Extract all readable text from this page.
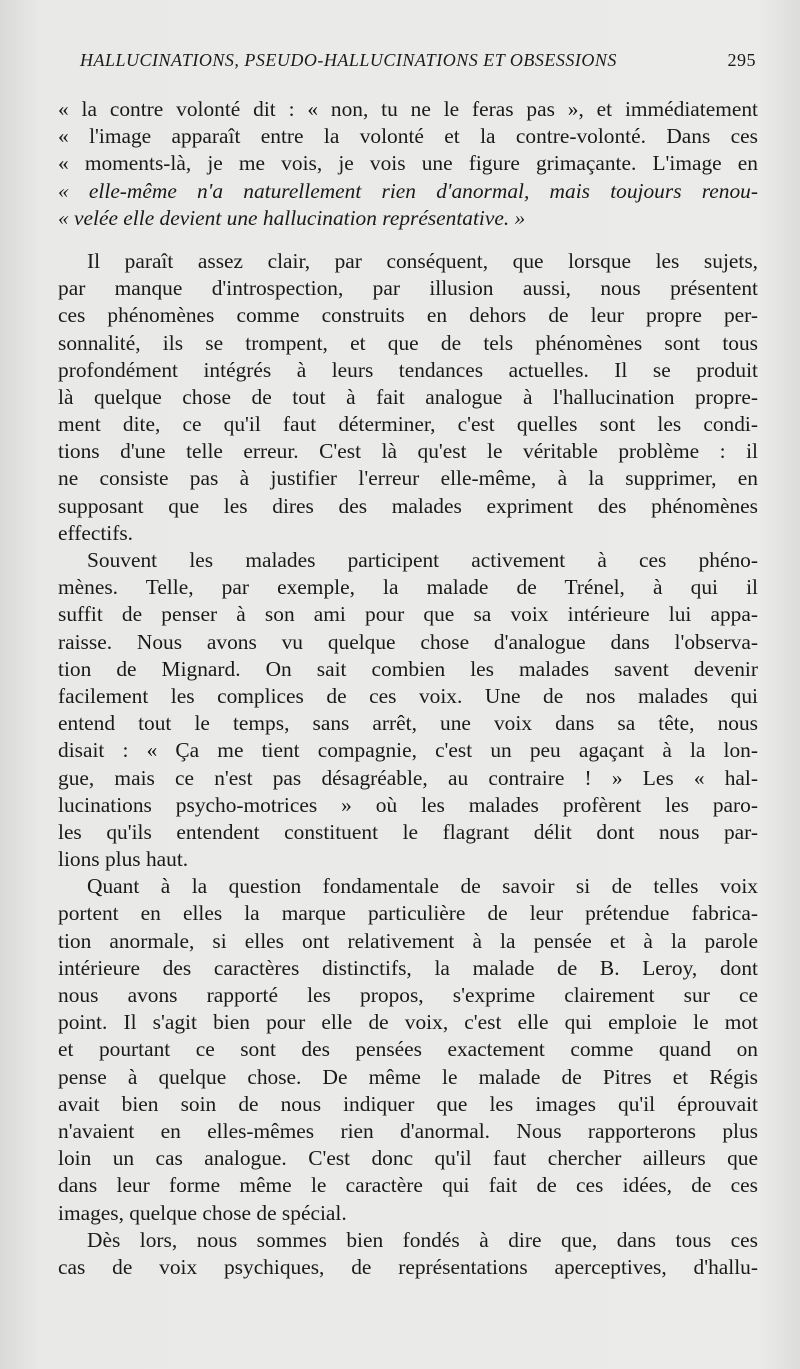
HALLUCINATIONS, PSEUDO-HALLUCINATIONS ET OBSESSIONS	295
« la contre volonté dit : « non, tu ne le feras pas », et immédiatement
« l'image apparaît entre la volonté et la contre-volonté. Dans ces
« moments-là, je me vois, je vois une figure grimaçante. L'image en
« elle-même n'a naturellement rien d'anormal, mais toujours renou-
« velée elle devient une hallucination représentative. »
Il paraît assez clair, par conséquent, que lorsque les sujets,
par manque d'introspection, par illusion aussi, nous présentent
ces phénomènes comme construits en dehors de leur propre per-
sonnalité, ils se trompent, et que de tels phénomènes sont tous
profondément intégrés à leurs tendances actuelles. Il se produit
là quelque chose de tout à fait analogue à l'hallucination propre-
ment dite, ce qu'il faut déterminer, c'est quelles sont les condi-
tions d'une telle erreur. C'est là qu'est le véritable problème : il
ne consiste pas à justifier l'erreur elle-même, à la supprimer, en
supposant que les dires des malades expriment des phénomènes
effectifs.
Souvent les malades participent activement à ces phéno-
mènes. Telle, par exemple, la malade de Trénel, à qui il
suffit de penser à son ami pour que sa voix intérieure lui appa-
raisse. Nous avons vu quelque chose d'analogue dans l'observa-
tion de Mignard. On sait combien les malades savent devenir
facilement les complices de ces voix. Une de nos malades qui
entend tout le temps, sans arrêt, une voix dans sa tête, nous
disait : « Ça me tient compagnie, c'est un peu agaçant à la lon-
gue, mais ce n'est pas désagréable, au contraire ! » Les « hal-
lucinations psycho-motrices » où les malades profèrent les paro-
les qu'ils entendent constituent le flagrant délit dont nous par-
lions plus haut.
Quant à la question fondamentale de savoir si de telles voix
portent en elles la marque particulière de leur prétendue fabrica-
tion anormale, si elles ont relativement à la pensée et à la parole
intérieure des caractères distinctifs, la malade de B. Leroy, dont
nous avons rapporté les propos, s'exprime clairement sur ce
point. Il s'agit bien pour elle de voix, c'est elle qui emploie le mot
et pourtant ce sont des pensées exactement comme quand on
pense à quelque chose. De même le malade de Pitres et Régis
avait bien soin de nous indiquer que les images qu'il éprouvait
n'avaient en elles-mêmes rien d'anormal. Nous rapporterons plus
loin un cas analogue. C'est donc qu'il faut chercher ailleurs que
dans leur forme même le caractère qui fait de ces idées, de ces
images, quelque chose de spécial.
Dès lors, nous sommes bien fondés à dire que, dans tous ces
cas de voix psychiques, de représentations aperceptives, d'hallu-
